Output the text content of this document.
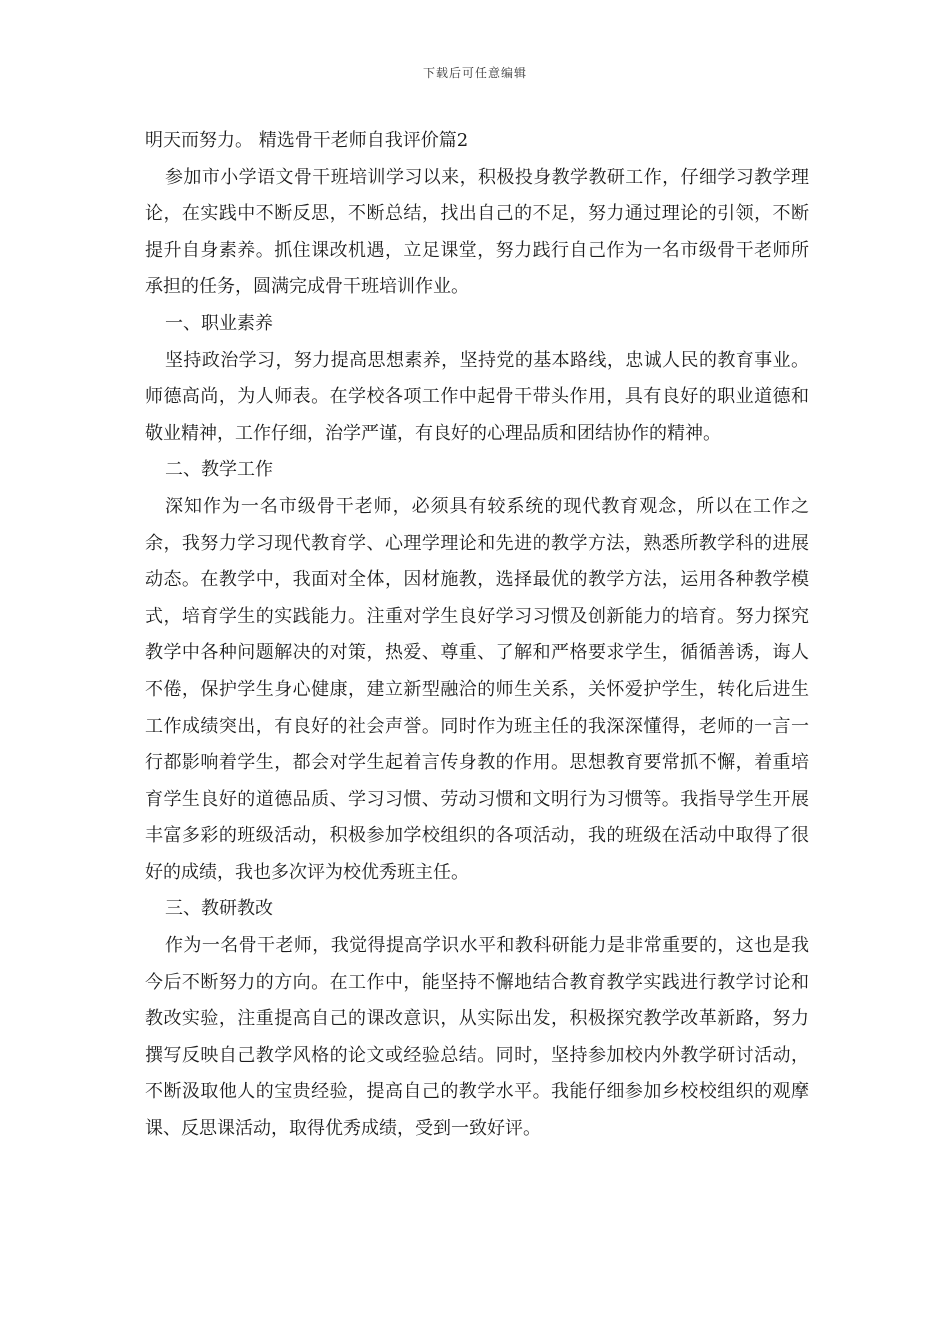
下载后可任意编辑

明天而努力。 精选骨干老师自我评价篇2

参加市小学语文骨干班培训学习以来，积极投身教学教研工作，仔细学习教学理论，在实践中不断反思，不断总结，找出自己的不足，努力通过理论的引领，不断提升自身素养。抓住课改机遇，立足课堂，努力践行自己作为一名市级骨干老师所承担的任务，圆满完成骨干班培训作业。

一、职业素养

坚持政治学习，努力提高思想素养，坚持党的基本路线，忠诚人民的教育事业。师德高尚，为人师表。在学校各项工作中起骨干带头作用，具有良好的职业道德和敬业精神，工作仔细，治学严谨，有良好的心理品质和团结协作的精神。

二、教学工作

深知作为一名市级骨干老师，必须具有较系统的现代教育观念，所以在工作之余，我努力学习现代教育学、心理学理论和先进的教学方法，熟悉所教学科的进展动态。在教学中，我面对全体，因材施教，选择最优的教学方法，运用各种教学模式，培育学生的实践能力。注重对学生良好学习习惯及创新能力的培育。努力探究教学中各种问题解决的对策，热爱、尊重、了解和严格要求学生，循循善诱，诲人不倦，保护学生身心健康，建立新型融洽的师生关系，关怀爱护学生，转化后进生工作成绩突出，有良好的社会声誉。同时作为班主任的我深深懂得，老师的一言一行都影响着学生，都会对学生起着言传身教的作用。思想教育要常抓不懈，着重培育学生良好的道德品质、学习习惯、劳动习惯和文明行为习惯等。我指导学生开展丰富多彩的班级活动，积极参加学校组织的各项活动，我的班级在活动中取得了很好的成绩，我也多次评为校优秀班主任。

三、教研教改

作为一名骨干老师，我觉得提高学识水平和教科研能力是非常重要的，这也是我今后不断努力的方向。在工作中，能坚持不懈地结合教育教学实践进行教学讨论和教改实验，注重提高自己的课改意识，从实际出发，积极探究教学改革新路，努力撰写反映自己教学风格的论文或经验总结。同时，坚持参加校内外教学研讨活动，不断汲取他人的宝贵经验，提高自己的教学水平。我能仔细参加乡校校组织的观摩课、反思课活动，取得优秀成绩，受到一致好评。
